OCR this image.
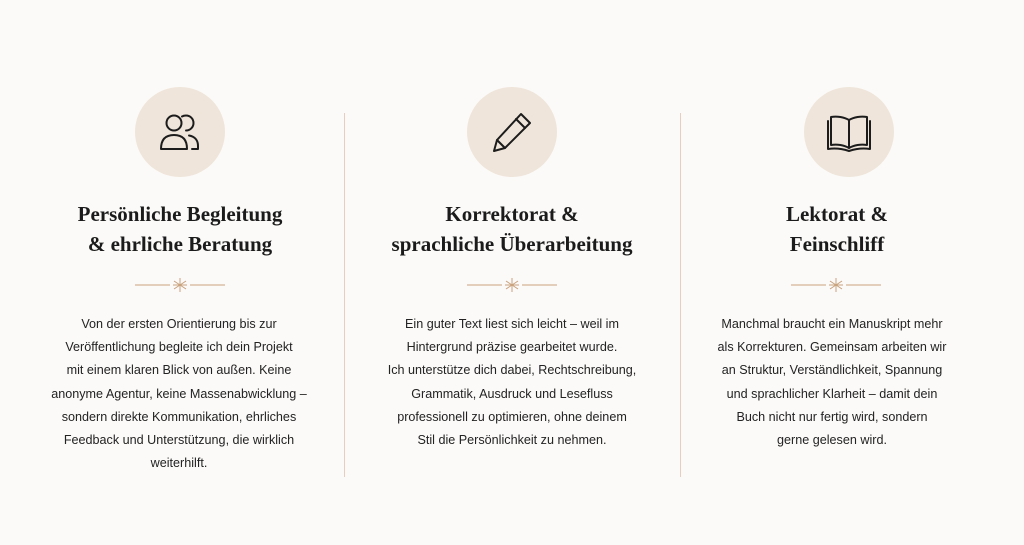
Persönliche Begleitung
& ehrliche Beratung
Von der ersten Orientierung bis zur
Veröffentlichung begleite ich dein Projekt
mit einem klaren Blick von außen. Keine
anonyme Agentur, keine Massenabwicklung –
sondern direkte Kommunikation, ehrliches
Feedback und Unterstützung, die wirklich
weiterhilft.
Korrektorat &
sprachliche Überarbeitung
Ein guter Text liest sich leicht – weil im
Hintergrund präzise gearbeitet wurde.
Ich unterstütze dich dabei, Rechtschreibung,
Grammatik, Ausdruck und Lesefluss
professionell zu optimieren, ohne deinem
Stil die Persönlichkeit zu nehmen.
Lektorat &
Feinschliff
Manchmal braucht ein Manuskript mehr
als Korrekturen. Gemeinsam arbeiten wir
an Struktur, Verständlichkeit, Spannung
und sprachlicher Klarheit – damit dein
Buch nicht nur fertig wird, sondern
gerne gelesen wird.
